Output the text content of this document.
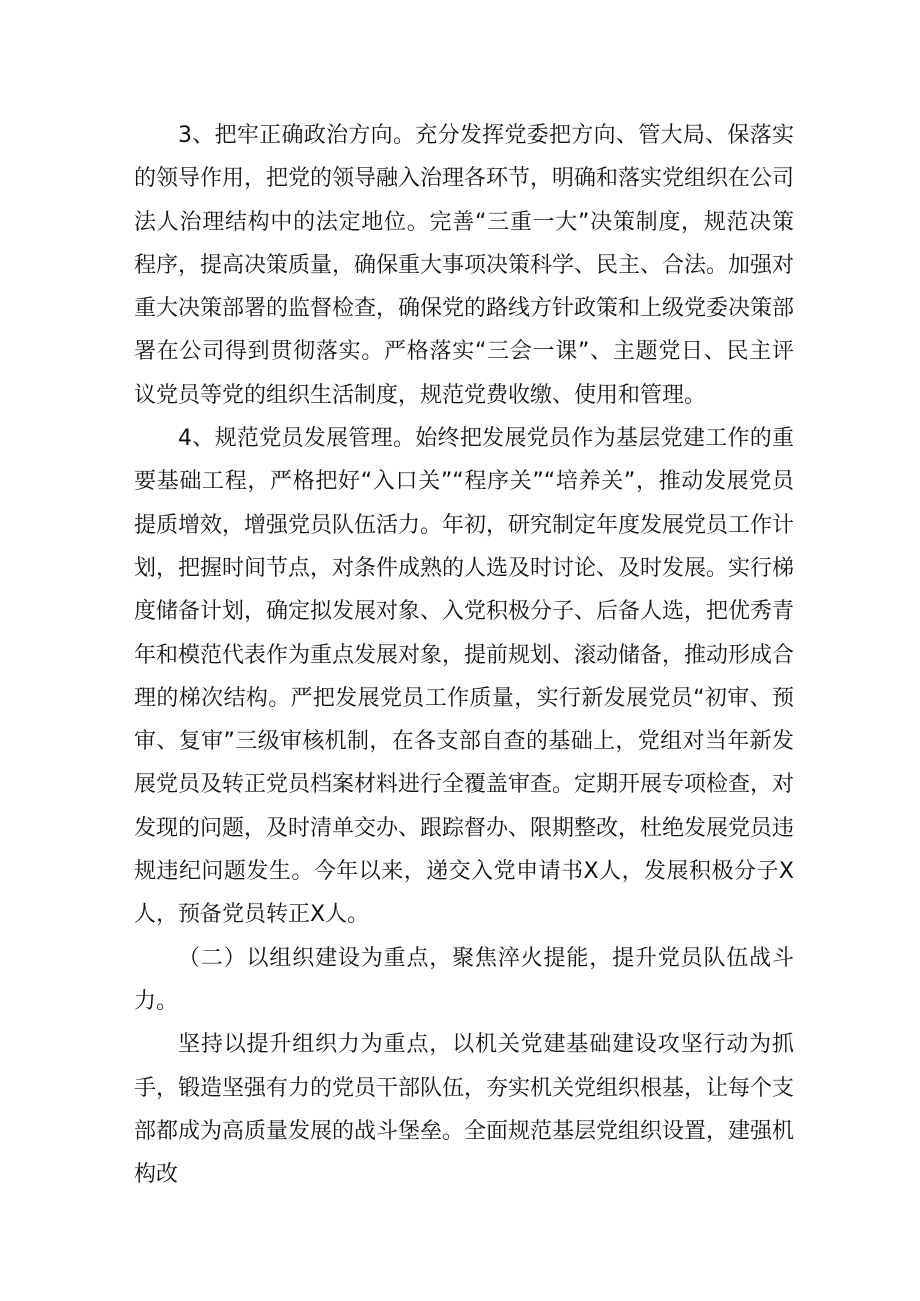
3、把牢正确政治方向。充分发挥党委把方向、管大局、保落实的领导作用，把党的领导融入治理各环节，明确和落实党组织在公司法人治理结构中的法定地位。完善“三重一大”决策制度，规范决策程序，提高决策质量，确保重大事项决策科学、民主、合法。加强对重大决策部署的监督检查，确保党的路线方针政策和上级党委决策部署在公司得到贯彻落实。严格落实“三会一课”、主题党日、民主评议党员等党的组织生活制度，规范党费收缴、使用和管理。

4、规范党员发展管理。始终把发展党员作为基层党建工作的重要基础工程，严格把好“入口关”“程序关”“培养关”，推动发展党员提质增效，增强党员队伍活力。年初，研究制定年度发展党员工作计划，把握时间节点，对条件成熟的人选及时讨论、及时发展。实行梯度储备计划，确定拟发展对象、入党积极分子、后备人选，把优秀青年和模范代表作为重点发展对象，提前规划、滚动储备，推动形成合理的梯次结构。严把发展党员工作质量，实行新发展党员“初审、预审、复审”三级审核机制，在各支部自查的基础上，党组对当年新发展党员及转正党员档案材料进行全覆盖审查。定期开展专项检查，对发现的问题，及时清单交办、跟踪督办、限期整改，杜绝发展党员违规违纪问题发生。今年以来，递交入党申请书X人，发展积极分子X人，预备党员转正X人。

（二）以组织建设为重点，聚焦淬火提能，提升党员队伍战斗力。

坚持以提升组织力为重点，以机关党建基础建设攻坚行动为抓手，锻造坚强有力的党员干部队伍，夯实机关党组织根基，让每个支部都成为高质量发展的战斗堡垒。全面规范基层党组织设置，建强机构改
